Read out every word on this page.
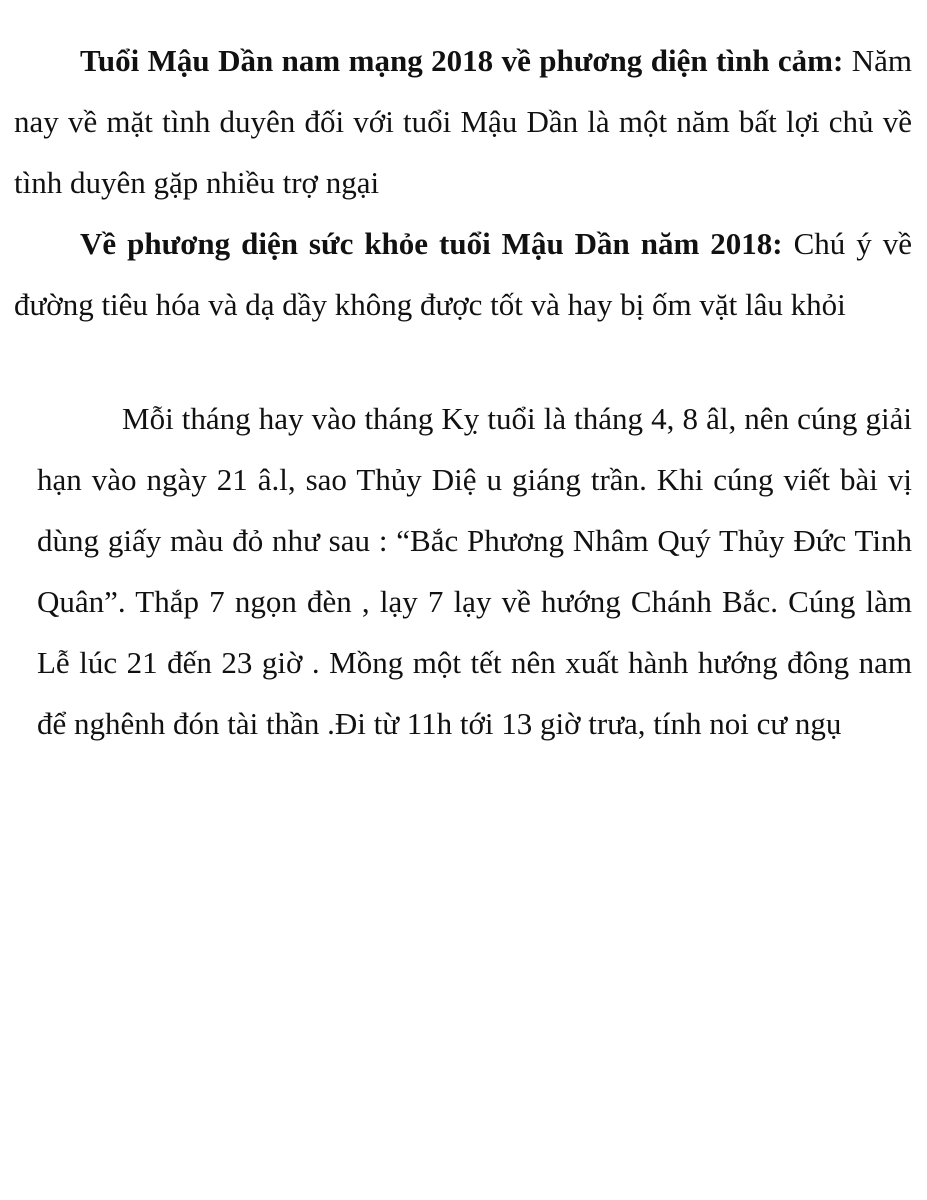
Tuổi Mậu Dần nam mạng 2018 về phương diện tình cảm: Năm nay về mặt tình duyên đối với tuổi Mậu Dần là một năm bất lợi chủ về tình duyên gặp nhiều trợ ngại

Về phương diện sức khỏe tuổi Mậu Dần năm 2018: Chú ý về đường tiêu hóa và dạ dầy không được tốt và hay bị ốm vặt lâu khỏi

Mỗi tháng hay vào tháng Kỵ tuổi là tháng 4, 8 âl, nên cúng giải hạn vào ngày 21 â.l, sao Thủy Diệ u giáng trần. Khi cúng viết bài vị dùng giấy màu đỏ như sau : “Bắc Phương Nhâm Quý Thủy Đức Tinh Quân”. Thắp 7 ngọn đèn , lạy 7 lạy về hướng Chánh Bắc. Cúng làm Lễ lúc 21 đến 23 giờ . Mồng một tết nên xuất hành hướng đông nam để nghênh đón tài thần .Đi từ 11h tới 13 giờ trưa, tính noi cư ngụ
